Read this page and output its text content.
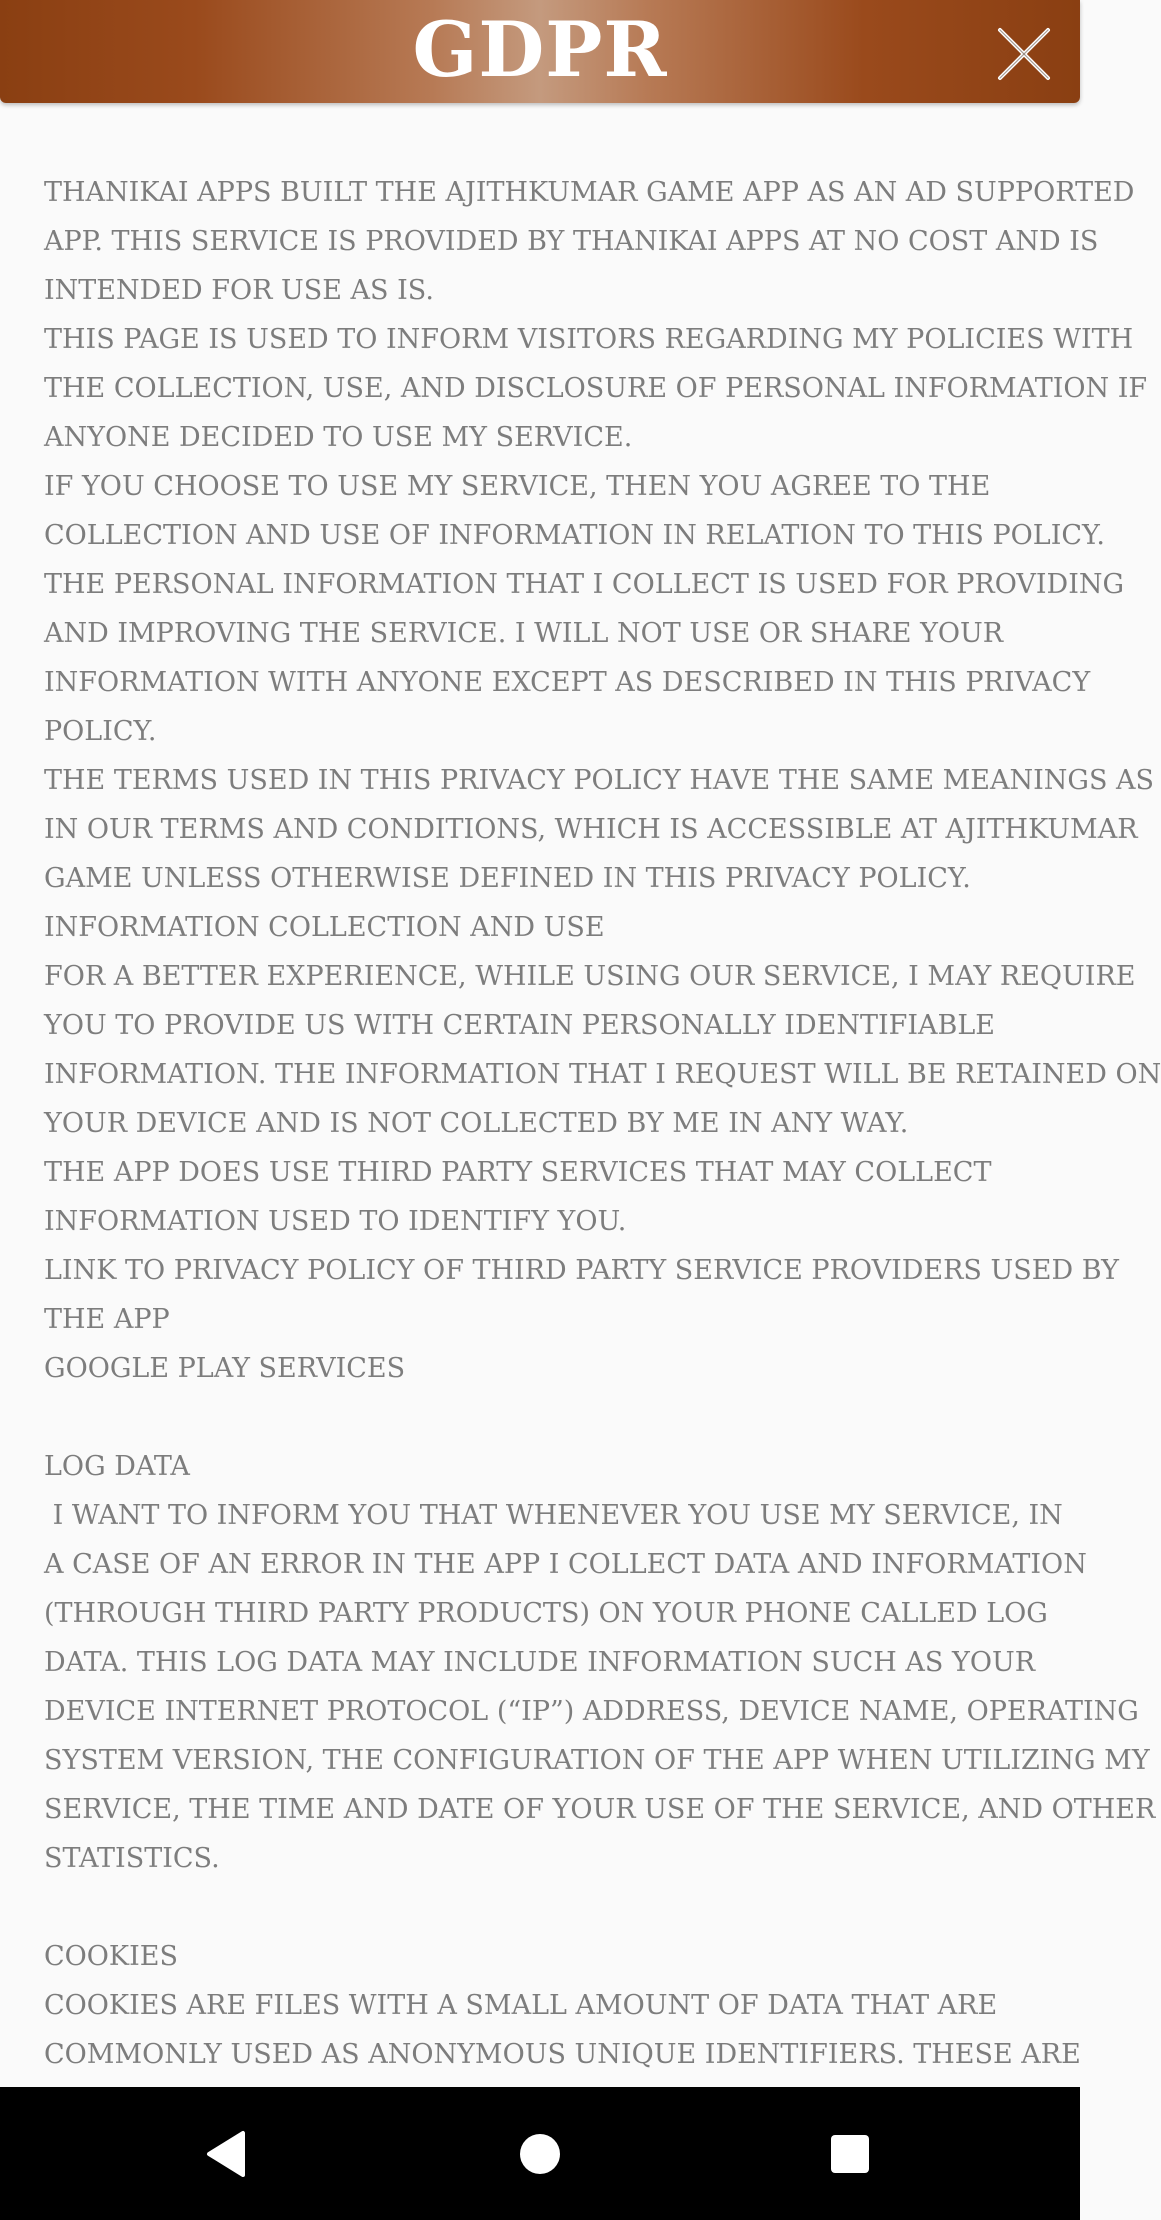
GDPR
THANIKAI APPS BUILT THE AJITHKUMAR GAME APP AS AN AD SUPPORTED
APP. THIS SERVICE IS PROVIDED BY THANIKAI APPS AT NO COST AND IS
INTENDED FOR USE AS IS.
THIS PAGE IS USED TO INFORM VISITORS REGARDING MY POLICIES WITH
THE COLLECTION, USE, AND DISCLOSURE OF PERSONAL INFORMATION IF
ANYONE DECIDED TO USE MY SERVICE.
IF YOU CHOOSE TO USE MY SERVICE, THEN YOU AGREE TO THE
COLLECTION AND USE OF INFORMATION IN RELATION TO THIS POLICY.
THE PERSONAL INFORMATION THAT I COLLECT IS USED FOR PROVIDING
AND IMPROVING THE SERVICE. I WILL NOT USE OR SHARE YOUR
INFORMATION WITH ANYONE EXCEPT AS DESCRIBED IN THIS PRIVACY
POLICY.
THE TERMS USED IN THIS PRIVACY POLICY HAVE THE SAME MEANINGS AS
IN OUR TERMS AND CONDITIONS, WHICH IS ACCESSIBLE AT AJITHKUMAR
GAME UNLESS OTHERWISE DEFINED IN THIS PRIVACY POLICY.
INFORMATION COLLECTION AND USE
FOR A BETTER EXPERIENCE, WHILE USING OUR SERVICE, I MAY REQUIRE
YOU TO PROVIDE US WITH CERTAIN PERSONALLY IDENTIFIABLE
INFORMATION. THE INFORMATION THAT I REQUEST WILL BE RETAINED ON
YOUR DEVICE AND IS NOT COLLECTED BY ME IN ANY WAY.
THE APP DOES USE THIRD PARTY SERVICES THAT MAY COLLECT
INFORMATION USED TO IDENTIFY YOU.
LINK TO PRIVACY POLICY OF THIRD PARTY SERVICE PROVIDERS USED BY
THE APP
GOOGLE PLAY SERVICES
LOG DATA
I WANT TO INFORM YOU THAT WHENEVER YOU USE MY SERVICE, IN
A CASE OF AN ERROR IN THE APP I COLLECT DATA AND INFORMATION
(THROUGH THIRD PARTY PRODUCTS) ON YOUR PHONE CALLED LOG
DATA. THIS LOG DATA MAY INCLUDE INFORMATION SUCH AS YOUR
DEVICE INTERNET PROTOCOL (“IP”) ADDRESS, DEVICE NAME, OPERATING
SYSTEM VERSION, THE CONFIGURATION OF THE APP WHEN UTILIZING MY
SERVICE, THE TIME AND DATE OF YOUR USE OF THE SERVICE, AND OTHER
STATISTICS.
COOKIES
COOKIES ARE FILES WITH A SMALL AMOUNT OF DATA THAT ARE
COMMONLY USED AS ANONYMOUS UNIQUE IDENTIFIERS. THESE ARE
